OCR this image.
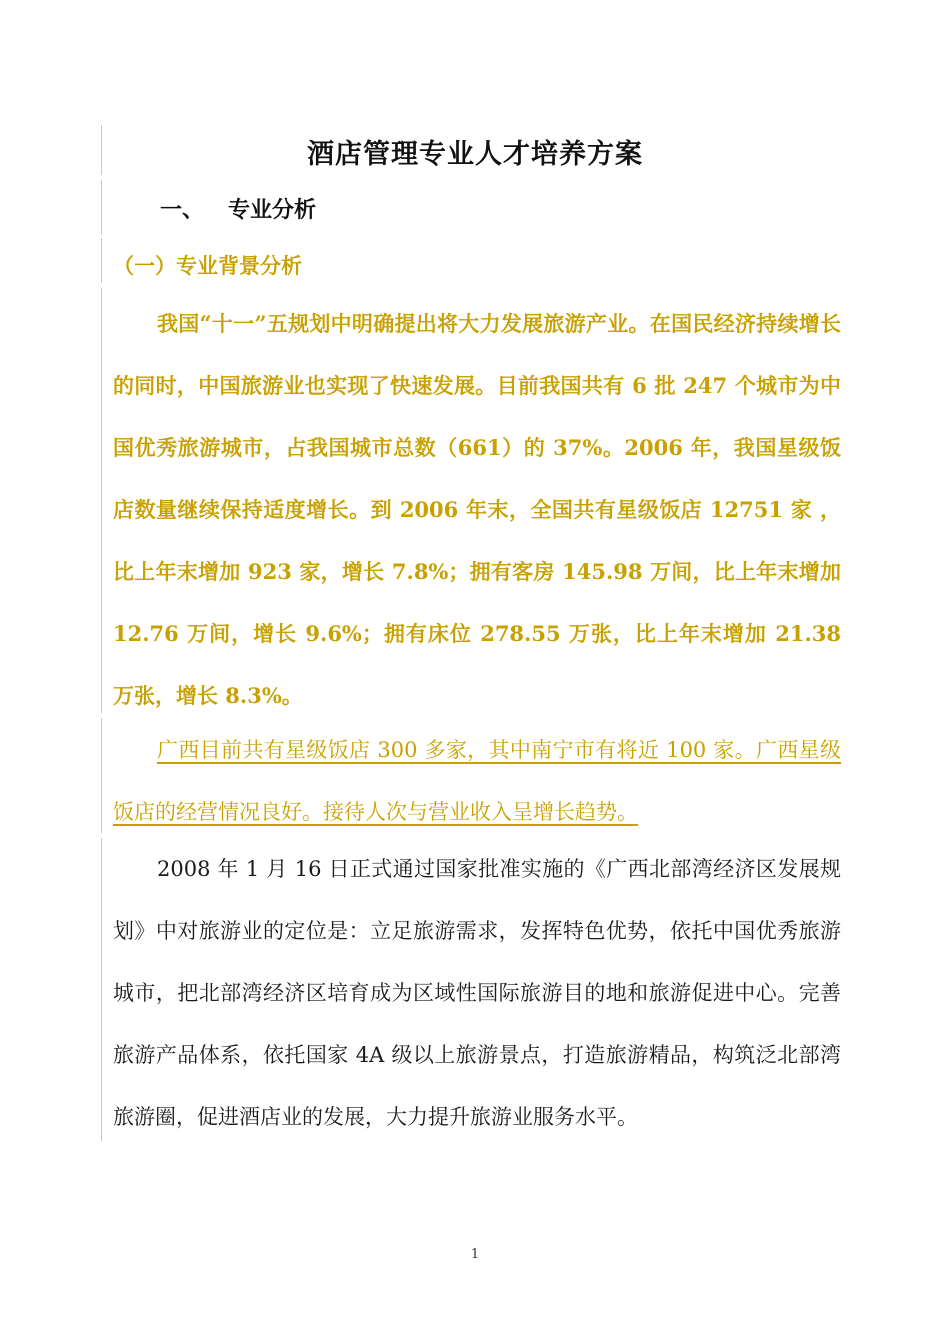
酒店管理专业人才培养方案
一、 专业分析
（一）专业背景分析

我国“十一”五规划中明确提出将大力发展旅游产业。在国民经济持续增长的同时，中国旅游业也实现了快速发展。目前我国共有 6 批 247 个城市为中国优秀旅游城市，占我国城市总数（661）的 37%。2006 年，我国星级饭店数量继续保持适度增长。到 2006 年末，全国共有星级饭店 12751 家 ，比上年末增加 923 家，增长 7.8%；拥有客房 145.98 万间，比上年末增加 12.76 万间，增长 9.6%；拥有床位 278.55 万张，比上年末增加 21.38 万张，增长 8.3%。

广西目前共有星级饭店 300 多家，其中南宁市有将近 100 家。广西星级饭店的经营情况良好。接待人次与营业收入呈增长趋势。

2008 年 1 月 16 日正式通过国家批准实施的《广西北部湾经济区发展规划》中对旅游业的定位是：立足旅游需求，发挥特色优势，依托中国优秀旅游城市，把北部湾经济区培育成为区域性国际旅游目的地和旅游促进中心。完善旅游产品体系，依托国家 4A 级以上旅游景点，打造旅游精品，构筑泛北部湾旅游圈，促进酒店业的发展，大力提升旅游业服务水平。

1
